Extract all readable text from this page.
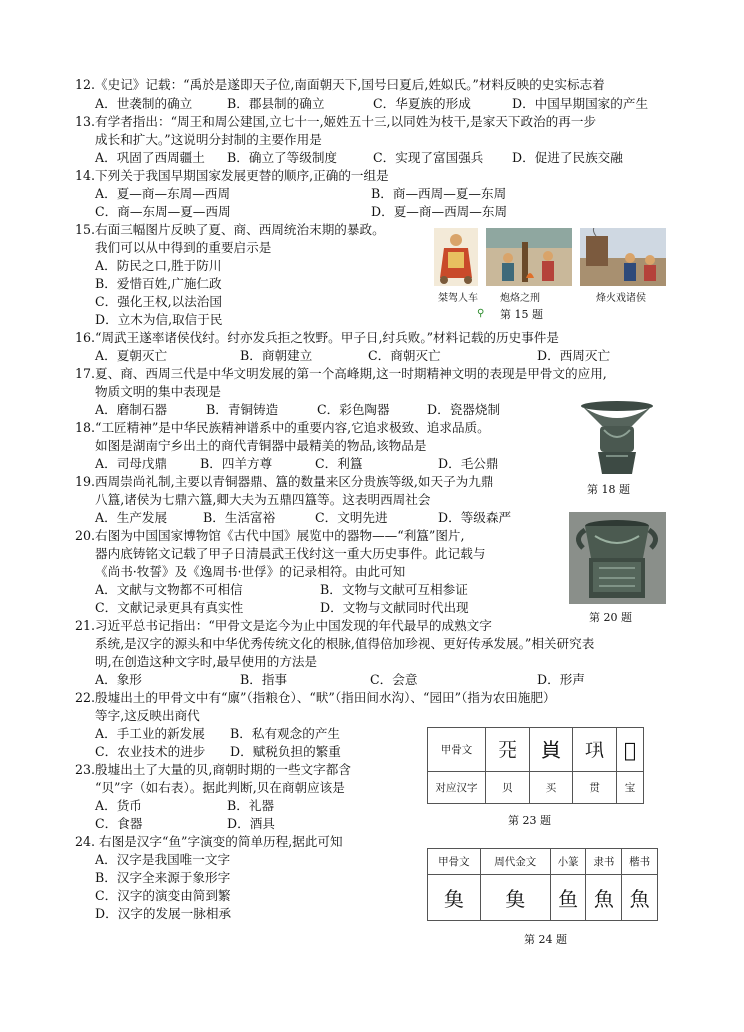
12.《史记》记载：“禹於是遂即天子位,南面朝天下,国号曰夏后,姓姒氏。”材料反映的史实标志着
A．世袭制的确立	B．郡县制的确立	C．华夏族的形成	D．中国早期国家的产生
13.有学者指出：“周王和周公建国,立七十一,姬姓五十三,以同姓为枝干,是家天下政治的再一步
成长和扩大。”这说明分封制的主要作用是
A．巩固了西周疆土 B．确立了等级制度	C．实现了富国强兵 D．促进了民族交融
14.下列关于我国早期国家发展更替的顺序,正确的一组是
A．夏—商—东周—西周	B．商—西周—夏—东周
C．商—东周—夏—西周	D．夏—商—西周—东周
15.右面三幅图片反映了夏、商、西周统治末期的暴政。
我们可以从中得到的重要启示是
A．防民之口,胜于防川
B．爱惜百姓,广施仁政
C．强化王权,以法治国
D．立木为信,取信于民
桀驾人车 炮烙之刑	烽火戏诸侯
⚲ 第 15 题
16.“周武王遂率诸侯伐纣。纣亦发兵拒之牧野。甲子日,纣兵败。”材料记载的历史事件是
A．夏朝灭亡	B．商朝建立	C．商朝灭亡	D．西周灭亡
17.夏、商、西周三代是中华文明发展的第一个高峰期,这一时期精神文明的表现是甲骨文的应用,
物质文明的集中表现是
A．磨制石器	B．青铜铸造	C．彩色陶器	D．瓷器烧制
18.“工匠精神”是中华民族精神谱系中的重要内容,它追求极致、追求品质。
如图是湖南宁乡出土的商代青铜器中最精美的物品,该物品是
A．司母戊鼎	B．四羊方尊	C．利簋	D．毛公鼎
第 18 题
19.西周崇尚礼制,主要以青铜器鼎、簋的数量来区分贵族等级,如天子为九鼎
八簋,诸侯为七鼎六簋,卿大夫为五鼎四簋等。这表明西周社会
A．生产发展	B．生活富裕	C．文明先进	D．等级森严
20.右图为中国国家博物馆《古代中国》展览中的器物——“利簋”图片,
器内底铸铭文记载了甲子日清晨武王伐纣这一重大历史事件。此记载与
《尚书·牧誓》及《逸周书·世俘》的记录相符。由此可知
A．文献与文物都不可相信	B．文物与文献可互相参证
C．文献记录更具有真实性	D．文物与文献同时代出现
第 20 题
21.习近平总书记指出：“甲骨文是迄今为止中国发现的年代最早的成熟文字
系统,是汉字的源头和中华优秀传统文化的根脉,值得倍加珍视、更好传承发展。”相关研究表
明,在创造这种文字时,最早使用的方法是
A．象形	B．指事	C．会意	D．形声
22.殷墟出土的甲骨文中有“廪”（指粮仓）、“畎”（指田间水沟）、“园田”（指为农田施肥）
等字,这反映出商代
A．手工业的新发展 B．私有观念的产生
C．农业技术的进步 D．赋税负担的繁重
23.殷墟出土了大量的贝,商朝时期的一些文字都含
“贝”字（如右表）。据此判断,贝在商朝应该是
A．货币	B．礼器
C．食器	D．酒具
甲骨文	𠀘	𧴪	𢀜	𡧝
对应汉字	贝	买	贯	宝
第 23 题
24. 右图是汉字“鱼”字演变的简单历程,据此可知
A．汉字是我国唯一文字
B．汉字全来源于象形字
C．汉字的演变由简到繁
D．汉字的发展一脉相承
甲骨文	周代金文	小篆	隶书	楷书
𩵋	𩵋	鱼	魚	魚
第 24 题
